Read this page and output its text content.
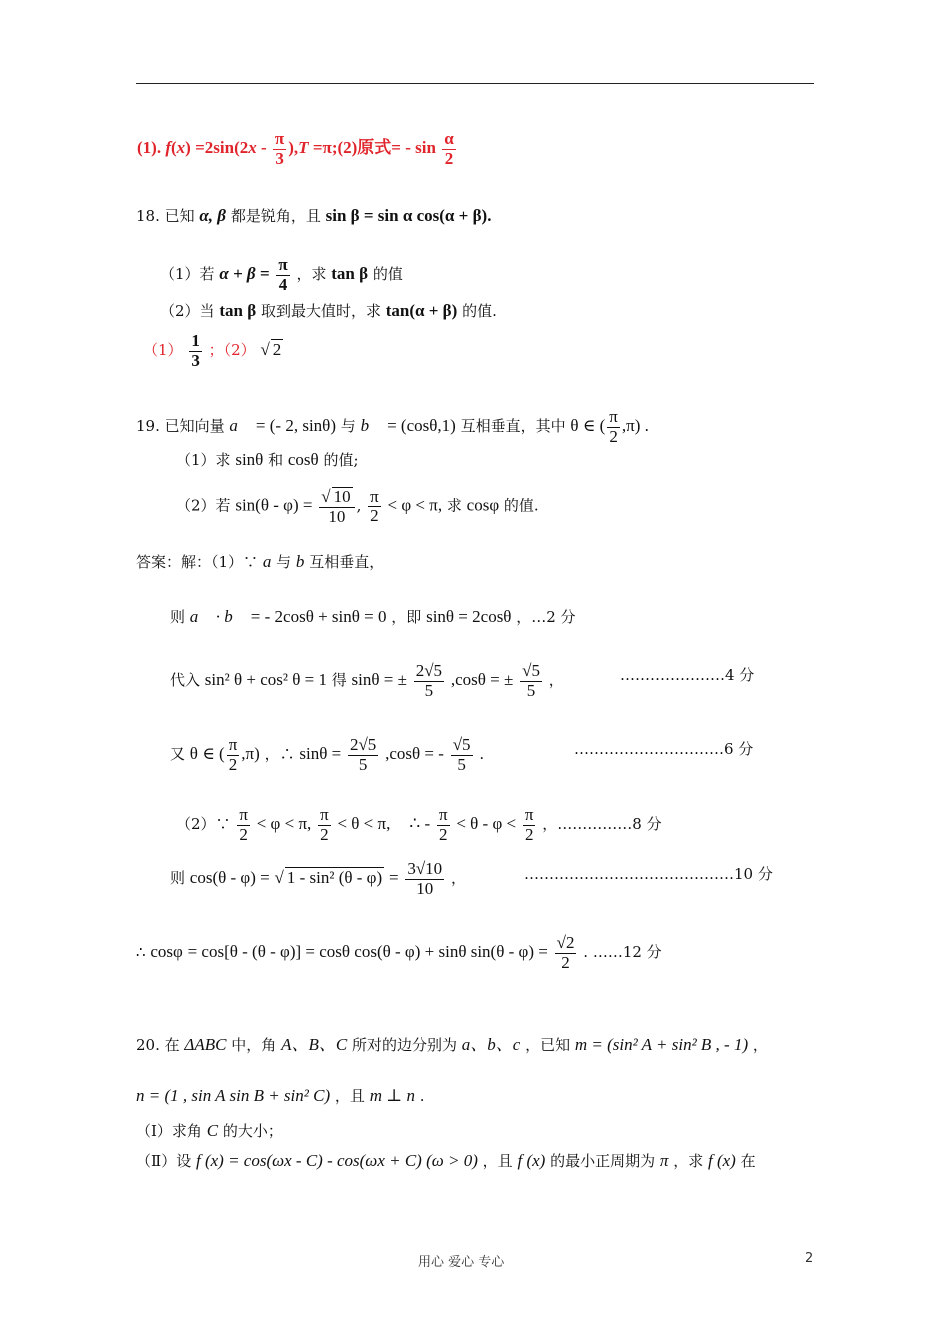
(1). $f(x) =2\sin(2x - \frac{\pi}{3} ),T$ =π;(2)原式= - $\sin \frac{\alpha}{2}$
18. 已知 α, β 都是锐角，且 sin β = sin α cos(α + β).
（1）若 $\alpha + \beta = \frac{\pi}{4}$ ，求 tan β 的值
（2）当 tan β 取到最大值时，求 tan(α + β) 的值.
$(1) \frac{1}{3}$ ；（2） √ 2
19. 已知向量 a⃗ = (- 2, sinθ) 与 b⃗ = (cosθ,1) 互相垂直，其中 θ ∈ ( $\frac{\pi}{2} ,\pi$) .
（1）求 sinθ 和 cosθ 的值;
（2）若 $\sin(\theta - \varphi) = \frac{√ 10}{10}$ , $\frac{\pi}{2} < \varphi < \pi$, 求 cosφ 的值.
答案：解：（1）∵ a 与 b 互相垂直，
则 a⃗ · b⃗ = - 2cosθ + sinθ = 0 ，即 sinθ = 2cosθ ，…2 分
代入 sin² θ + cos² θ = 1 得 sinθ = ± $\frac{2√5}{5} ,\cos\theta$ = ± $\frac{√5}{5}$ ，	…………………4 分
又 θ ∈ ( $\frac{\pi}{2} ,\pi$) ，∴ $\sin\theta = \frac{2√5}{5} ,\cos\theta$ = - $\frac{√5}{5}$ .	…………………………6 分
（2）∵ $\frac{\pi}{2} < \varphi < \pi$, $\frac{\pi}{2} < \theta < \pi$, ∴ - $\frac{\pi}{2} < \theta - \varphi < \frac{\pi}{2}$ ，……………8 分
则 cos(θ - φ) = √ 1 - sin² $(\theta - \varphi) = \frac{3√10}{10}$ ，	……………………………………10 分
∴ cosφ = cos[θ - (θ - φ)] = cosθ cos(θ - φ) + sinθ $\sin(\theta - \varphi) = \frac{√2}{2}$ . ……12 分
20. 在 ΔABC 中，角 A、B、C 所对的边分别为 a、b、c ，已知 m = (sin² A + sin² B , - 1) ，
n = (1 , sin A sin B + sin² C) ，且 m ⊥ n .
（Ⅰ）求角 C 的大小；
（Ⅱ）设 f (x) = cos(ωx - C) - cos(ωx + C) (ω > 0) ，且 f (x) 的最小正周期为 π ，求 f (x) 在
用心 爱心 专心	2
